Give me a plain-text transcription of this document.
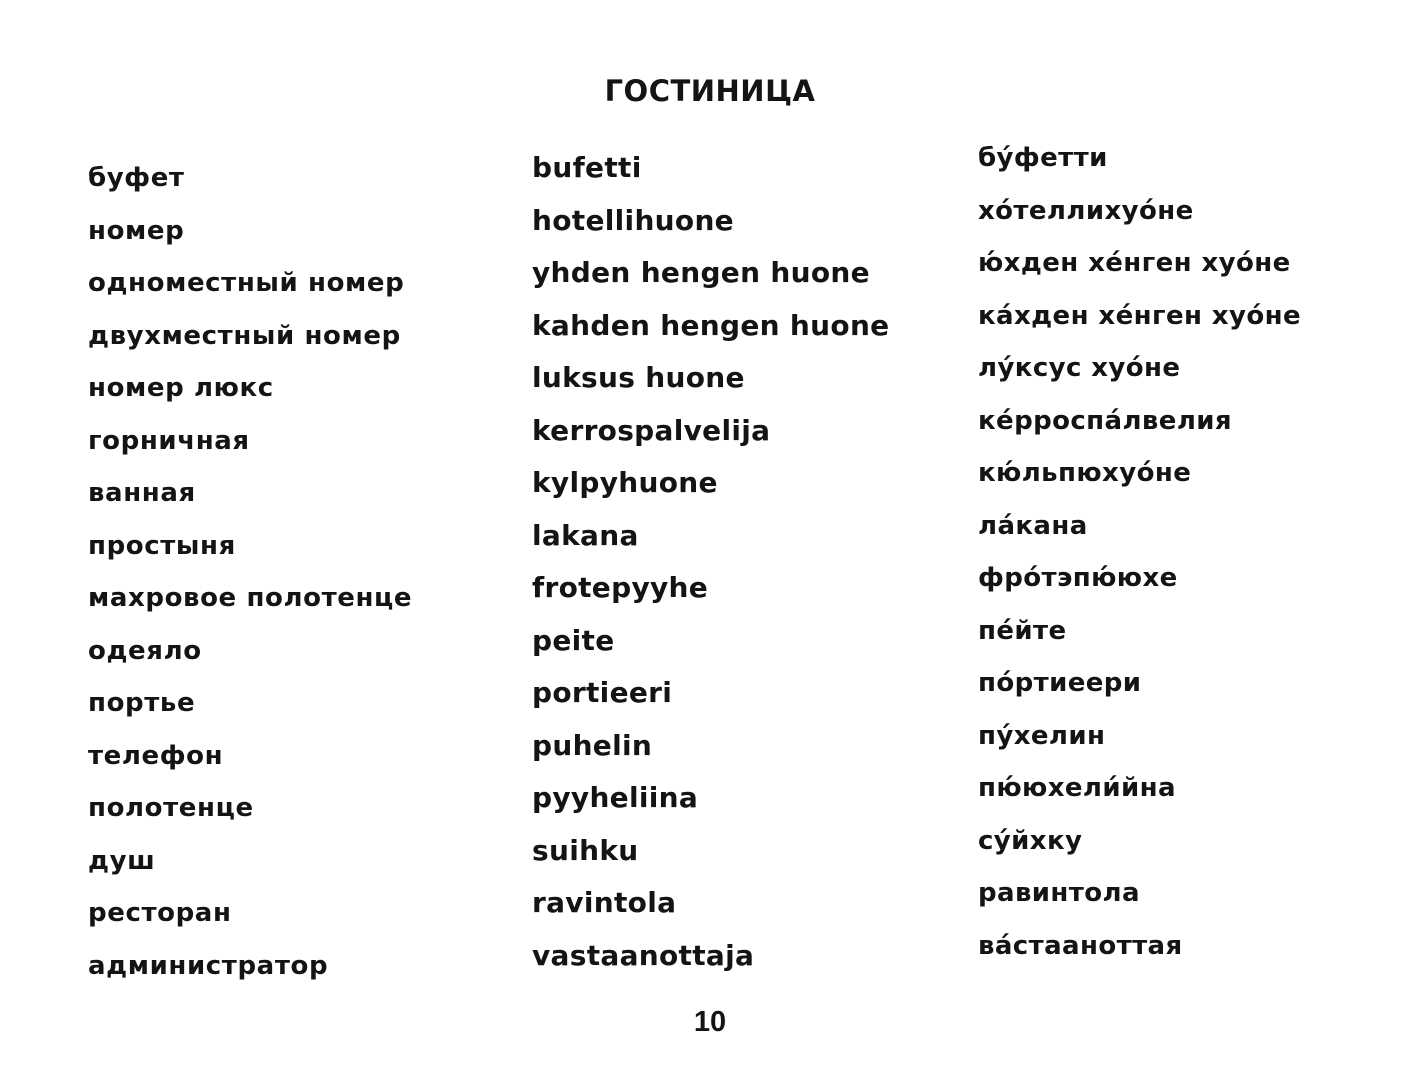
ГОСТИНИЦА
буфет
номер
одноместный номер
двухместный номер
номер люкс
горничная
ванная
простыня
махровое полотенце
одеяло
портье
телефон
полотенце
душ
ресторан
администратор
bufetti
hotellihuone
yhden hengen huone
kahden hengen huone
luksus huone
kerrospalvelija
kylpyhuone
lakana
frotepyyhe
peite
portieeri
puhelin
pyyheliina
suihku
ravintola
vastaanottaja
бу́фетти
хо́теллихуо́не
ю́хден хе́нген хуо́не
ка́хден хе́нген хуо́не
лу́ксус хуо́не
ке́рроспа́лвелия
кю́льпюхуо́не
ла́кана
фро́тэпю́юхе
пе́йте
по́ртиеери
пу́хелин
пю́юхели́йна
су́йхку
равинтола
ва́стааноттая
10
